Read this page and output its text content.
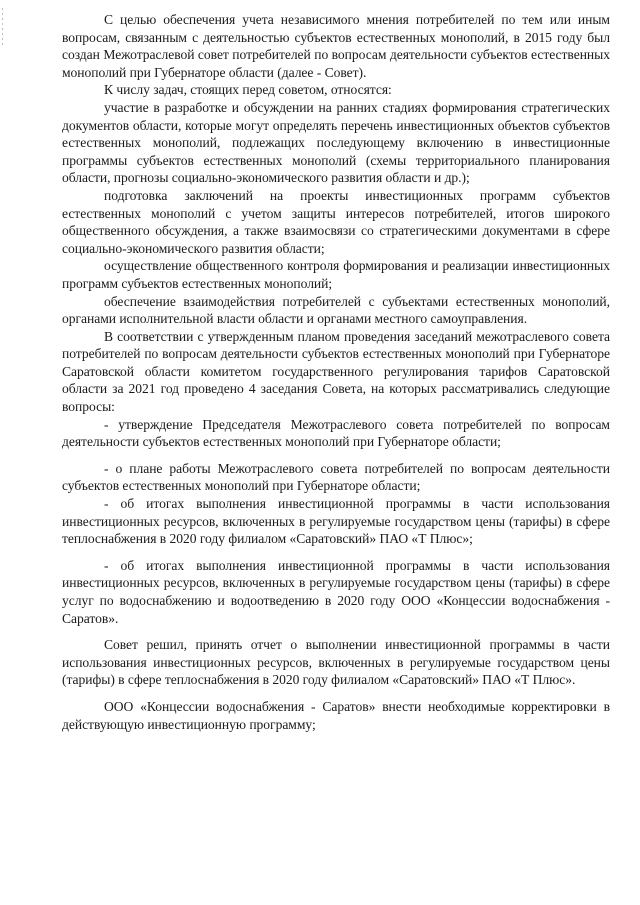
С целью обеспечения учета независимого мнения потребителей по тем или иным вопросам, связанным с деятельностью субъектов естественных монополий, в 2015 году был создан Межотраслевой совет потребителей по вопросам деятельности субъектов естественных монополий при Губернаторе области (далее - Совет).

К числу задач, стоящих перед советом, относятся:

участие в разработке и обсуждении на ранних стадиях формирования стратегических документов области, которые могут определять перечень инвестиционных объектов субъектов естественных монополий, подлежащих последующему включению в инвестиционные программы субъектов естественных монополий (схемы территориального планирования области, прогнозы социально-экономического развития области и др.);

подготовка заключений на проекты инвестиционных программ субъектов естественных монополий с учетом защиты интересов потребителей, итогов широкого общественного обсуждения, а также взаимосвязи со стратегическими документами в сфере социально-экономического развития области;

осуществление общественного контроля формирования и реализации инвестиционных программ субъектов естественных монополий;

обеспечение взаимодействия потребителей с субъектами естественных монополий, органами исполнительной власти области и органами местного самоуправления.

В соответствии с утвержденным планом проведения заседаний межотраслевого совета потребителей по вопросам деятельности субъектов естественных монополий при Губернаторе Саратовской области комитетом государственного регулирования тарифов Саратовской области за 2021 год проведено 4 заседания Совета, на которых рассматривались следующие вопросы:

- утверждение Председателя Межотраслевого совета потребителей по вопросам деятельности субъектов естественных монополий при Губернаторе области;

- о плане работы Межотраслевого совета потребителей по вопросам деятельности субъектов естественных монополий при Губернаторе области;

- об итогах выполнения инвестиционной программы в части использования инвестиционных ресурсов, включенных в регулируемые государством цены (тарифы) в сфере теплоснабжения в 2020 году филиалом «Саратовский» ПАО «Т Плюс»;

- об итогах выполнения инвестиционной программы в части использования инвестиционных ресурсов, включенных в регулируемые государством цены (тарифы) в сфере услуг по водоснабжению и водоотведению в 2020 году ООО «Концессии водоснабжения - Саратов».

Совет решил, принять отчет о выполнении инвестиционной программы в части использования инвестиционных ресурсов, включенных в регулируемые государством цены (тарифы) в сфере теплоснабжения в 2020 году филиалом «Саратовский» ПАО «Т Плюс».

ООО «Концессии водоснабжения - Саратов» внести необходимые корректировки в действующую инвестиционную программу;
